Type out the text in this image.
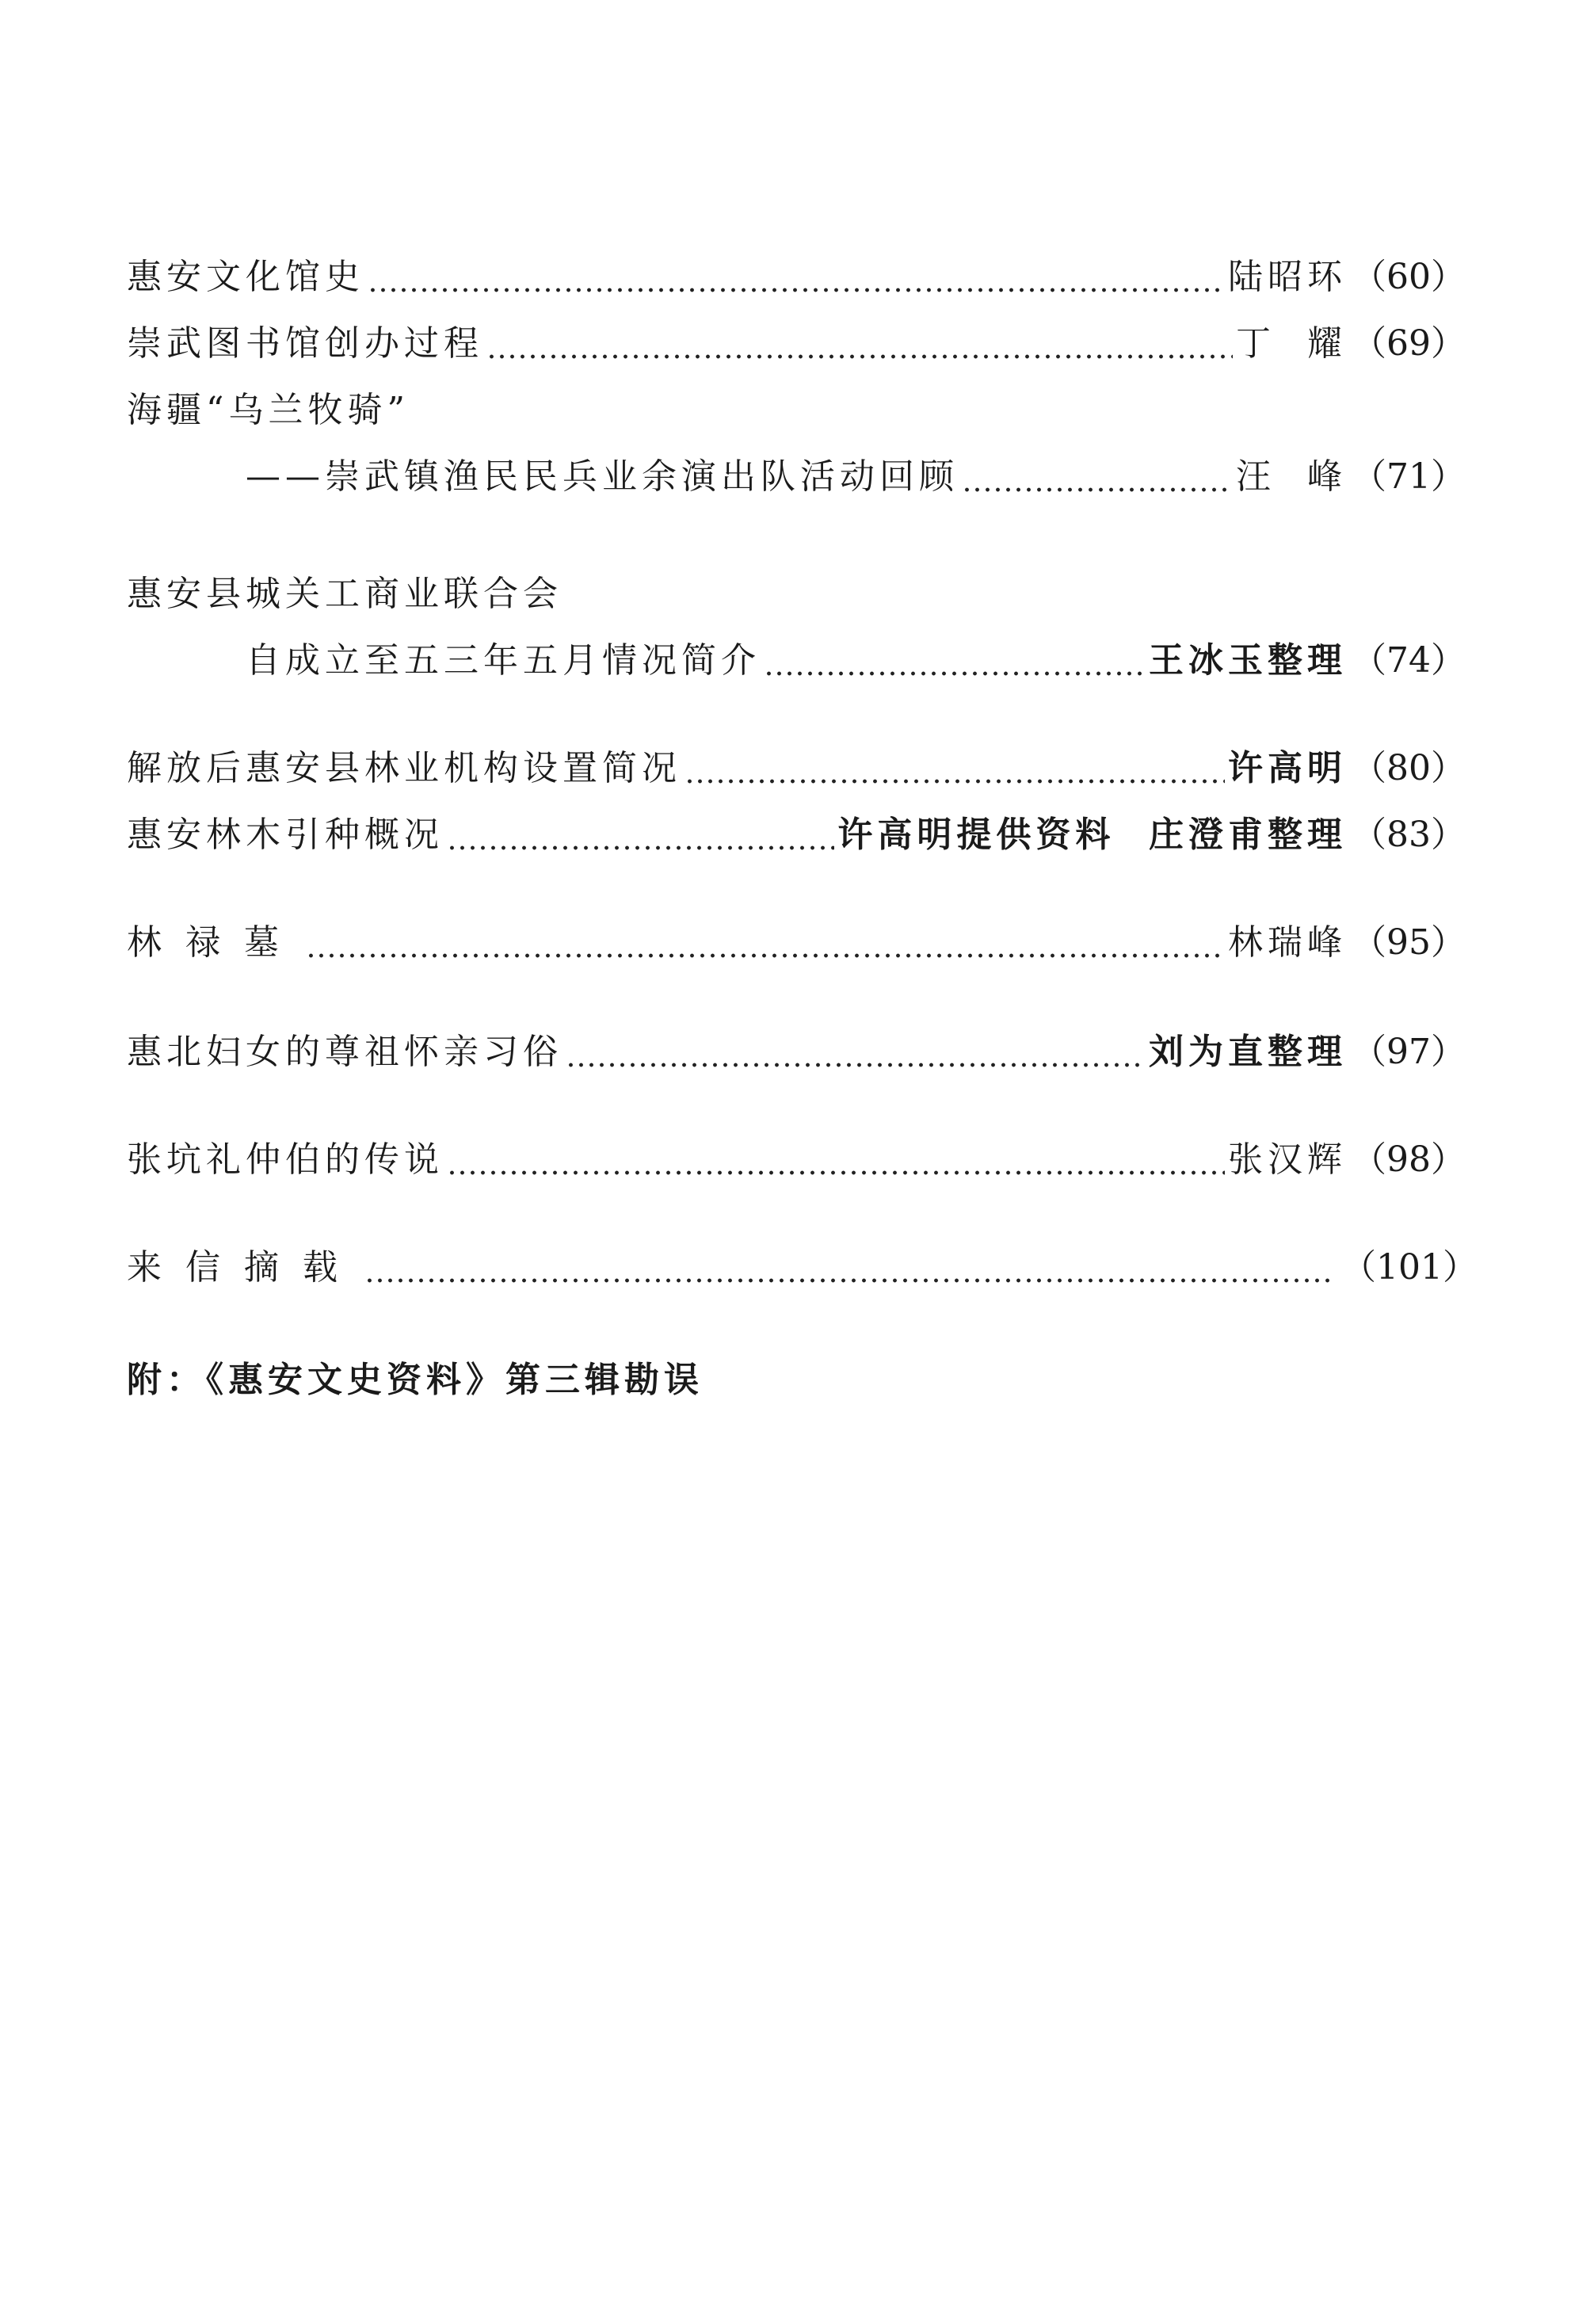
惠安文化馆史	陆昭环 （60）
崇武图书馆创办过程	丁  耀 （69）
海疆“乌兰牧骑”
——崇武镇渔民民兵业余演出队活动回顾	汪  峰 （71）
惠安县城关工商业联合会
自成立至五三年五月情况简介	王冰玉整理 （74）
解放后惠安县林业机构设置简况	许高明 （80）
惠安林木引种概况	许高明提供资料  庄澄甫整理 （83）
林禄墓	林瑞峰 （95）
惠北妇女的尊祖怀亲习俗	刘为直整理 （97）
张坑礼仲伯的传说	张汉辉 （98）
来信摘载	（101）
附：《惠安文史资料》第三辑勘误
